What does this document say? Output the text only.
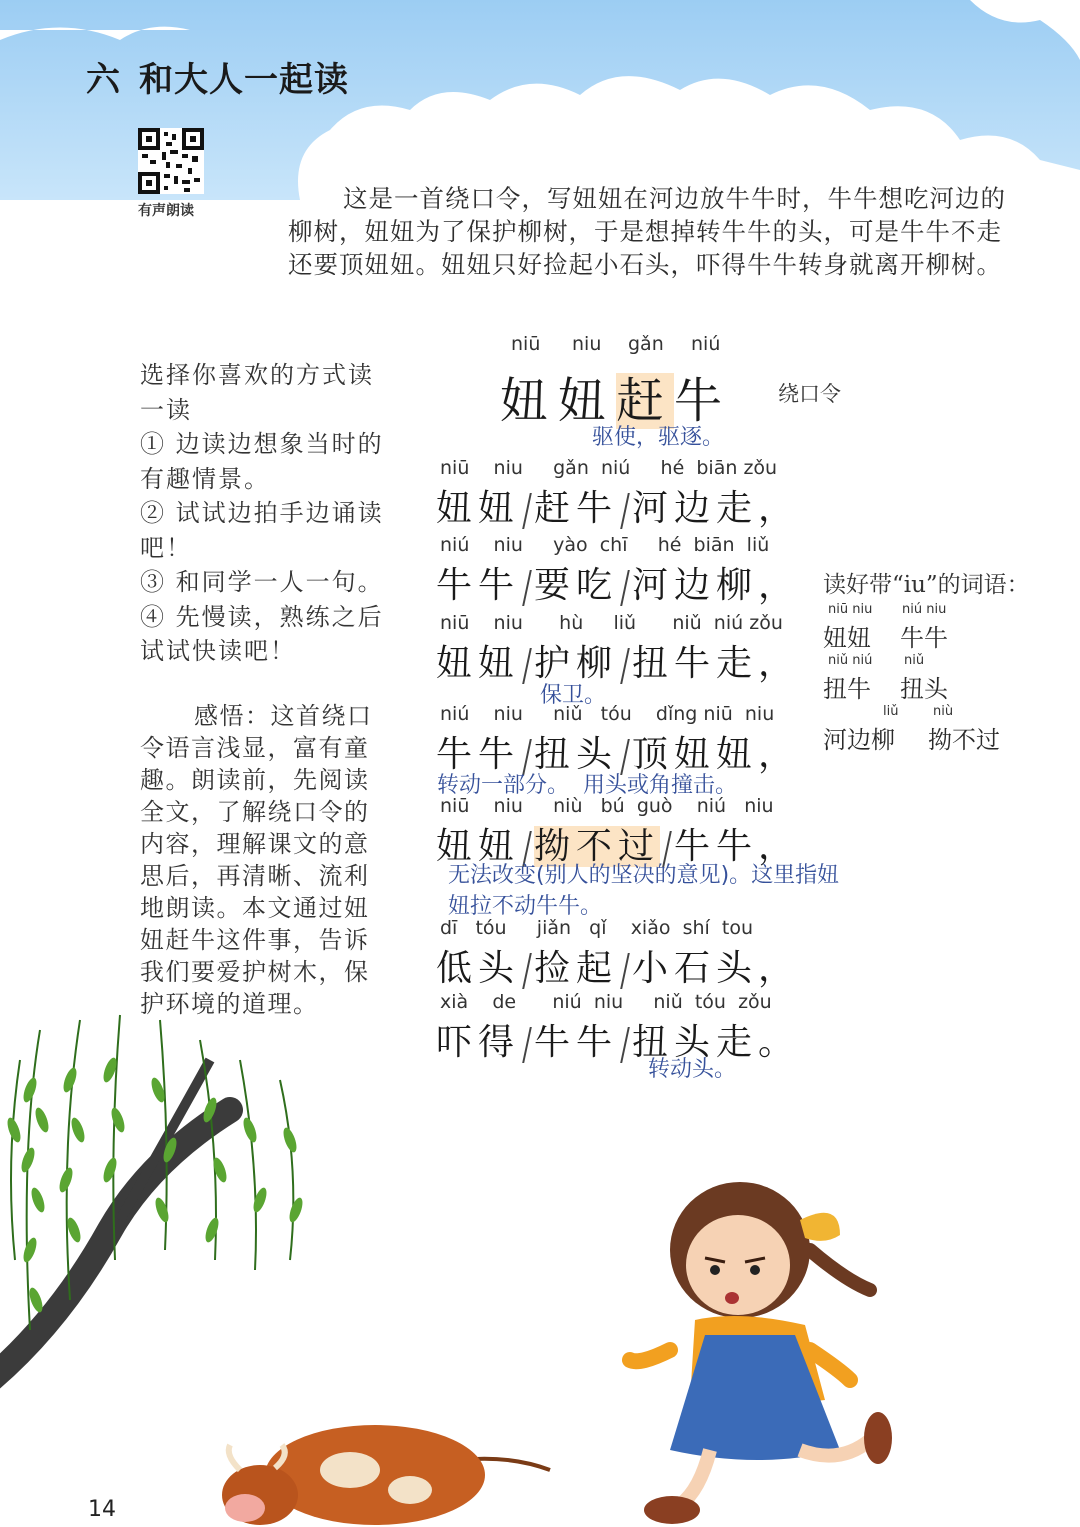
六 和大人一起读
有声朗读	这是一首绕口令，写妞妞在河边放牛牛时，牛牛想吃河边的柳树，妞妞为了保护柳树，于是想掉转牛牛的头，可是牛牛不走还要顶妞妞。妞妞只好捡起小石头，吓得牛牛转身就离开柳树。
选择你喜欢的方式读一读
① 边读边想象当时的有趣情景。
② 试试边拍手边诵读吧！
③ 和同学一人一句。
④ 先慢读，熟练之后试试快读吧！
感悟：这首绕口令语言浅显，富有童趣。朗读前，先阅读全文，了解绕口令的内容，理解课文的意思后，再清晰、流利地朗读。本文通过妞妞赶牛这件事，告诉我们要爱护树木，保护环境的道理。
niū niu gǎn niú
妞妞赶牛 绕口令
驱使，驱逐。
niū niu gǎn niú hé biān zǒu
妞妞 赶牛 河边走，
niú niu yào chī hé biān liǔ
牛牛 要吃 河边柳，
niū niu hù liǔ niǔ niú zǒu
妞妞 护柳 扭牛走，
保卫。
niú niu niǔ tóu dǐng niū niu
牛牛 扭头 顶妞妞，
转动一部分。  用头或角撞击。
niū niu niù bú guò niú niu
妞妞 拗不过 牛牛，
无法改变(别人的坚决的意见)。这里指妞妞拉不动牛牛。
dī tóu jiǎn qǐ xiǎo shí tou
低头 捡起 小石头，
xià de niú niu niǔ tóu zǒu
吓得 牛牛 扭头走。
转动头。
读好带“iu”的词语：
niū niu
妞妞
niú niu
牛牛
niǔ niú
扭牛
niǔ
扭头
liǔ
河边柳
niù
拗不过
14
